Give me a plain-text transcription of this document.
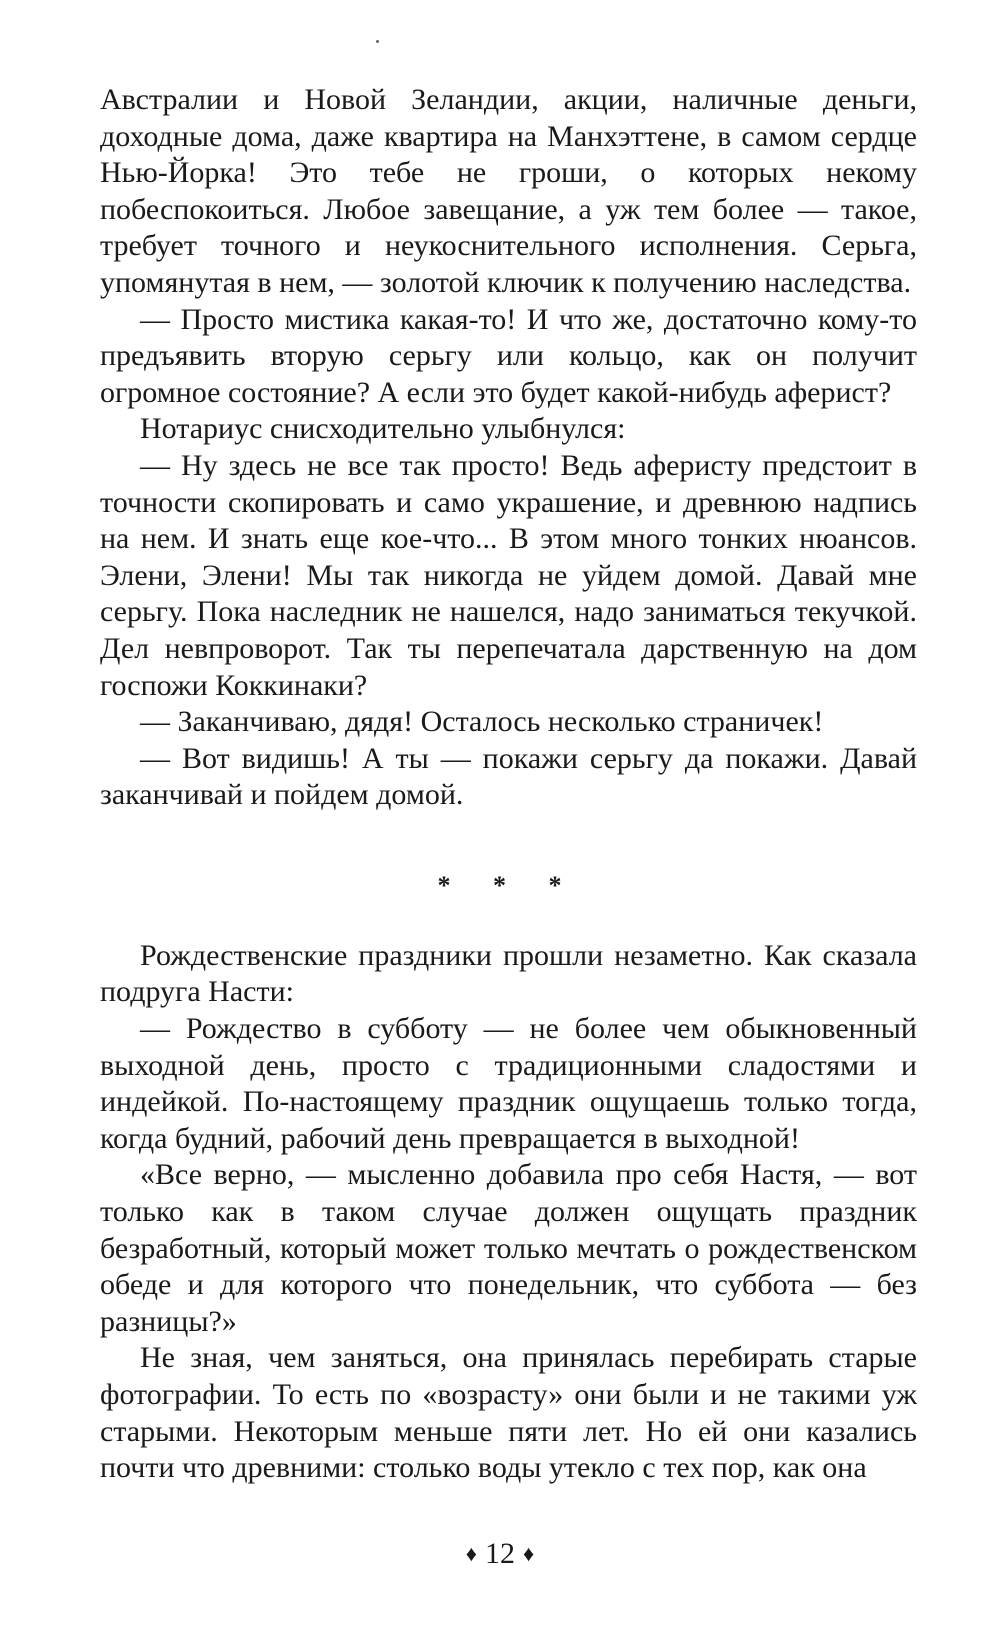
Австралии и Новой Зеландии, акции, наличные деньги, доходные дома, даже квартира на Манхэттене, в самом сердце Нью-Йорка! Это тебе не гроши, о которых некому побеспокоиться. Любое завещание, а уж тем более — такое, требует точного и неукоснительного исполнения. Серьга, упомянутая в нем, — золотой ключик к получению наследства.

— Просто мистика какая-то! И что же, достаточно кому-то предъявить вторую серьгу или кольцо, как он получит огромное состояние? А если это будет какой-нибудь аферист?

Нотариус снисходительно улыбнулся:

— Ну здесь не все так просто! Ведь аферисту предстоит в точности скопировать и само украшение, и древнюю надпись на нем. И знать еще кое-что... В этом много тонких нюансов. Элени, Элени! Мы так никогда не уйдем домой. Давай мне серьгу. Пока наследник не нашелся, надо заниматься текучкой. Дел невпроворот. Так ты перепечатала дарственную на дом госпожи Коккинаки?

— Заканчиваю, дядя! Осталось несколько страничек!

— Вот видишь! А ты — покажи серьгу да покажи. Давай заканчивай и пойдем домой.

* * *

Рождественские праздники прошли незаметно. Как сказала подруга Насти:

— Рождество в субботу — не более чем обыкновенный выходной день, просто с традиционными сладостями и индейкой. По-настоящему праздник ощущаешь только тогда, когда будний, рабочий день превращается в выходной!

«Все верно, — мысленно добавила про себя Настя, — вот только как в таком случае должен ощущать праздник безработный, который может только мечтать о рождественском обеде и для которого что понедельник, что суббота — без разницы?»

Не зная, чем заняться, она принялась перебирать старые фотографии. То есть по «возрасту» они были и не такими уж старыми. Некоторым меньше пяти лет. Но ей они казались почти что древними: столько воды утекло с тех пор, как она

♦ 12 ♦
